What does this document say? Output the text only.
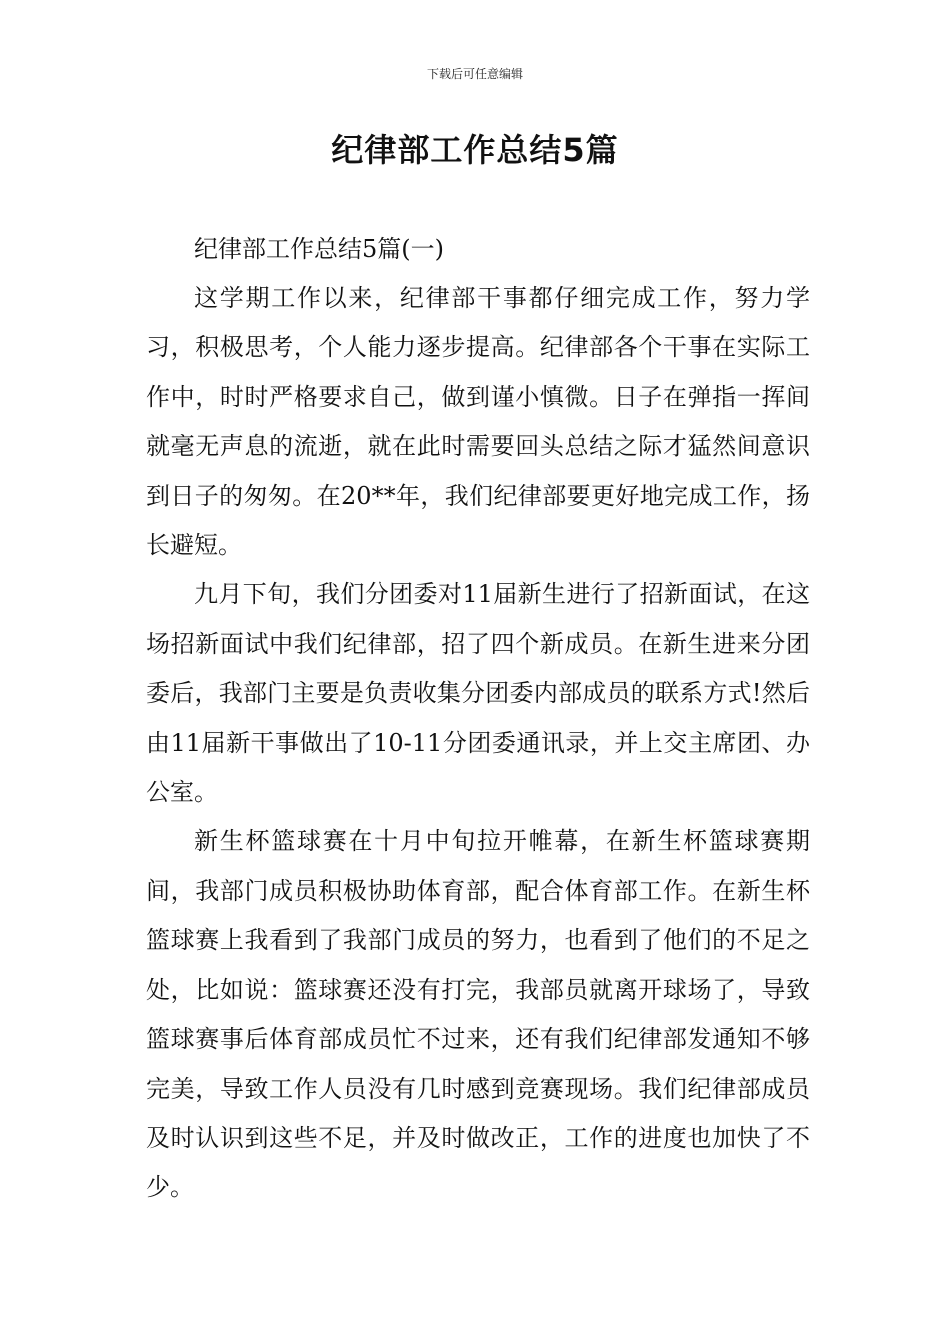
下载后可任意编辑
纪律部工作总结5篇

纪律部工作总结5篇(一)

这学期工作以来，纪律部干事都仔细完成工作，努力学习，积极思考，个人能力逐步提高。纪律部各个干事在实际工作中，时时严格要求自己，做到谨小慎微。日子在弹指一挥间就毫无声息的流逝，就在此时需要回头总结之际才猛然间意识到日子的匆匆。在20**年，我们纪律部要更好地完成工作，扬长避短。

九月下旬，我们分团委对11届新生进行了招新面试，在这场招新面试中我们纪律部，招了四个新成员。在新生进来分团委后，我部门主要是负责收集分团委内部成员的联系方式!然后由11届新干事做出了10-11分团委通讯录，并上交主席团、办公室。

新生杯篮球赛在十月中旬拉开帷幕，在新生杯篮球赛期间，我部门成员积极协助体育部，配合体育部工作。在新生杯篮球赛上我看到了我部门成员的努力，也看到了他们的不足之处，比如说：篮球赛还没有打完，我部员就离开球场了，导致篮球赛事后体育部成员忙不过来，还有我们纪律部发通知不够完美，导致工作人员没有几时感到竞赛现场。我们纪律部成员及时认识到这些不足，并及时做改正，工作的进度也加快了不少。
